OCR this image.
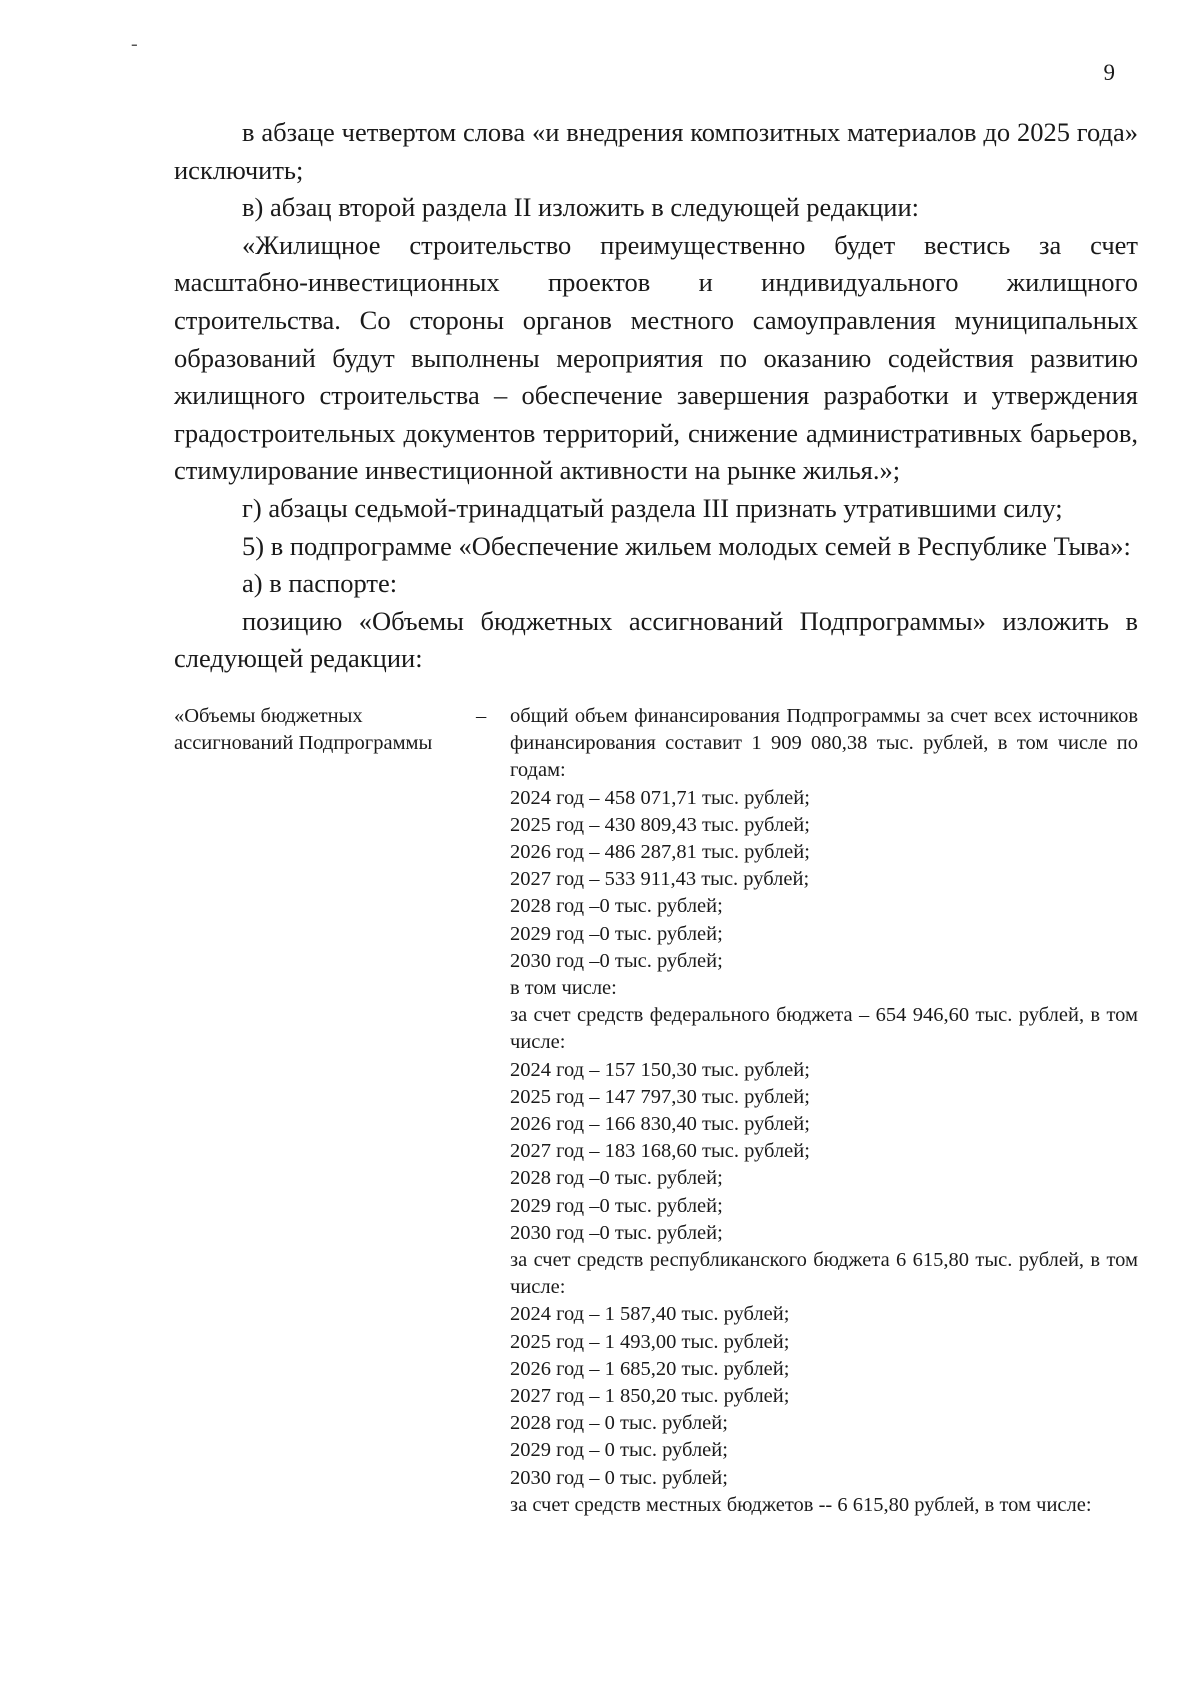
-
9

в абзаце четвертом слова «и внедрения композитных материалов до 2025 года» исключить;

в) абзац второй раздела II изложить в следующей редакции:

«Жилищное строительство преимущественно будет вестись за счет масштабно-инвестиционных проектов и индивидуального жилищного строительства. Со стороны органов местного самоуправления муниципальных образований будут выполнены мероприятия по оказанию содействия развитию жилищного строительства – обеспечение завершения разработки и утверждения градостроительных документов территорий, снижение административных барьеров, стимулирование инвестиционной активности на рынке жилья.»;

г) абзацы седьмой-тринадцатый раздела III признать утратившими силу;

5) в подпрограмме «Обеспечение жильем молодых семей в Республике Тыва»:

а) в паспорте:

позицию «Объемы бюджетных ассигнований Подпрограммы» изложить в следующей редакции:

«Объемы бюджетных ассигнований Подпрограммы
– общий объем финансирования Подпрограммы за счет всех источников финансирования составит 1 909 080,38 тыс. рублей, в том числе по годам:
2024 год – 458 071,71 тыс. рублей;
2025 год – 430 809,43 тыс. рублей;
2026 год – 486 287,81 тыс. рублей;
2027 год – 533 911,43 тыс. рублей;
2028 год –0 тыс. рублей;
2029 год –0 тыс. рублей;
2030 год –0 тыс. рублей;
в том числе:
за счет средств федерального бюджета – 654 946,60 тыс. рублей, в том числе:
2024 год – 157 150,30 тыс. рублей;
2025 год – 147 797,30 тыс. рублей;
2026 год – 166 830,40 тыс. рублей;
2027 год – 183 168,60 тыс. рублей;
2028 год –0 тыс. рублей;
2029 год –0 тыс. рублей;
2030 год –0 тыс. рублей;
за счет средств республиканского бюджета 6 615,80 тыс. рублей, в том числе:
2024 год – 1 587,40 тыс. рублей;
2025 год – 1 493,00 тыс. рублей;
2026 год – 1 685,20 тыс. рублей;
2027 год – 1 850,20 тыс. рублей;
2028 год – 0 тыс. рублей;
2029 год – 0 тыс. рублей;
2030 год – 0 тыс. рублей;
за счет средств местных бюджетов -- 6 615,80 рублей, в том числе:
